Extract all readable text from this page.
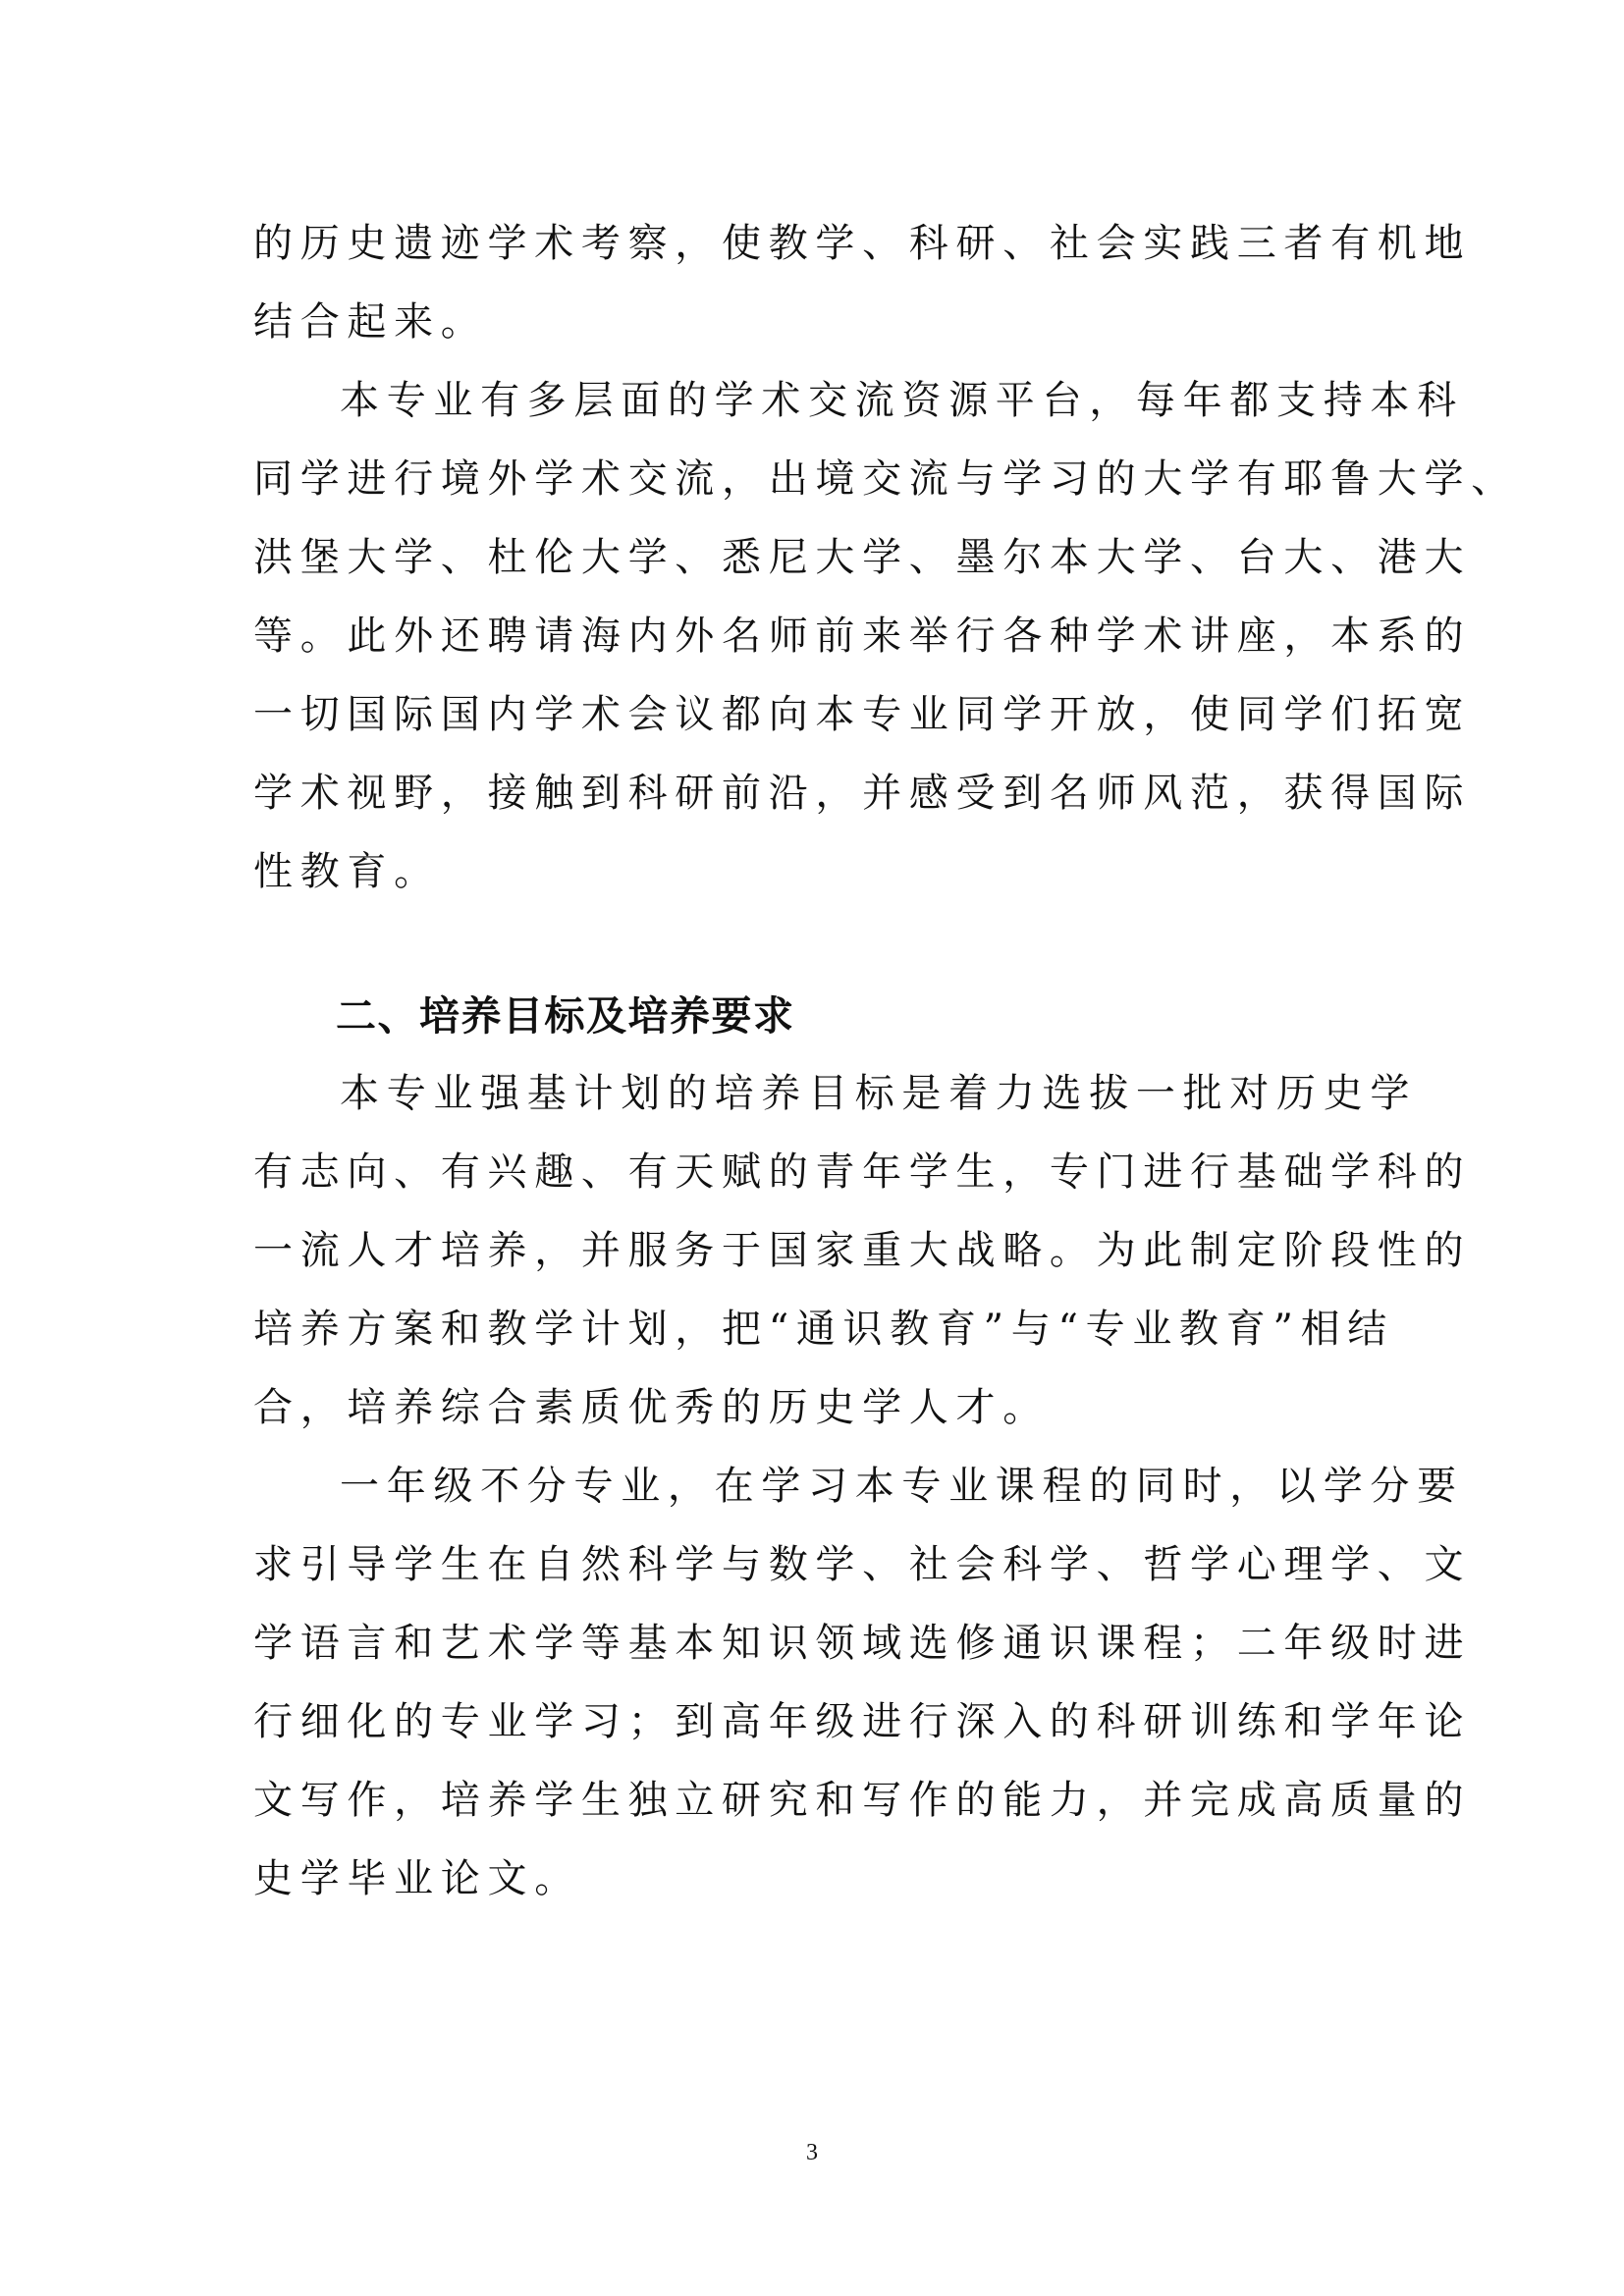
的历史遗迹学术考察，使教学、科研、社会实践三者有机地
结合起来。
本专业有多层面的学术交流资源平台，每年都支持本科
同学进行境外学术交流，出境交流与学习的大学有耶鲁大学、
洪堡大学、杜伦大学、悉尼大学、墨尔本大学、台大、港大
等。此外还聘请海内外名师前来举行各种学术讲座，本系的
一切国际国内学术会议都向本专业同学开放，使同学们拓宽
学术视野，接触到科研前沿，并感受到名师风范，获得国际
性教育。
二、培养目标及培养要求
本专业强基计划的培养目标是着力选拔一批对历史学
有志向、有兴趣、有天赋的青年学生，专门进行基础学科的
一流人才培养，并服务于国家重大战略。为此制定阶段性的
培养方案和教学计划，把“通识教育”与“专业教育”相结
合，培养综合素质优秀的历史学人才。
一年级不分专业，在学习本专业课程的同时，以学分要
求引导学生在自然科学与数学、社会科学、哲学心理学、文
学语言和艺术学等基本知识领域选修通识课程；二年级时进
行细化的专业学习；到高年级进行深入的科研训练和学年论
文写作，培养学生独立研究和写作的能力，并完成高质量的
史学毕业论文。
3
